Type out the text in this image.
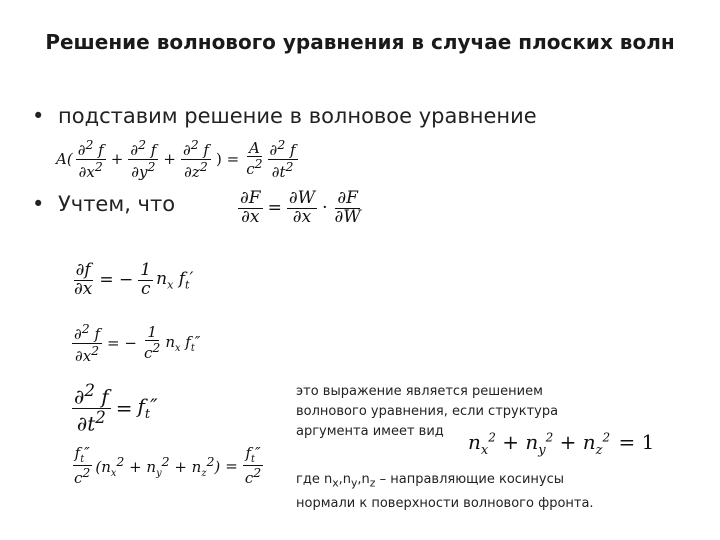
Решение волнового уравнения в случае плоских волн
• подставим решение в волновое уравнение
$A( \frac{\partial^2 f}{\partial x^2} + \frac{\partial^2 f}{\partial y^2} + \frac{\partial^2 f}{\partial z^2}$ ) = $\frac{A}{c^2} \frac{\partial^2 f}{\partial t^2}$
• Учтем, что	$\frac{\partial F}{\partial x} = \frac{\partial W}{\partial x} \cdot \frac{\partial F}{\partial W}$
$\frac{\partial f}{\partial x}$ = − $\frac{1}{c} n_x$ $f_t'$
$\frac{\partial^2 f}{\partial x^2}$ = − $\frac{1}{c^2} n_x$ $f_t''$
$\frac{\partial^2 f}{\partial t^2} = f_t''$
$\frac{f_t''}{c^2} (n_x^2 + n_y^2 + n_z^2) = \frac{f_t''}{c^2}$
это выражение является решением
волнового уравнения, если структура
аргумента имеет вид	$n_x^2 + n_y^2 + n_z^2 = 1$
где $n_x,n_y,n_z$ – направляющие косинусы
нормали к поверхности волнового фронта.
